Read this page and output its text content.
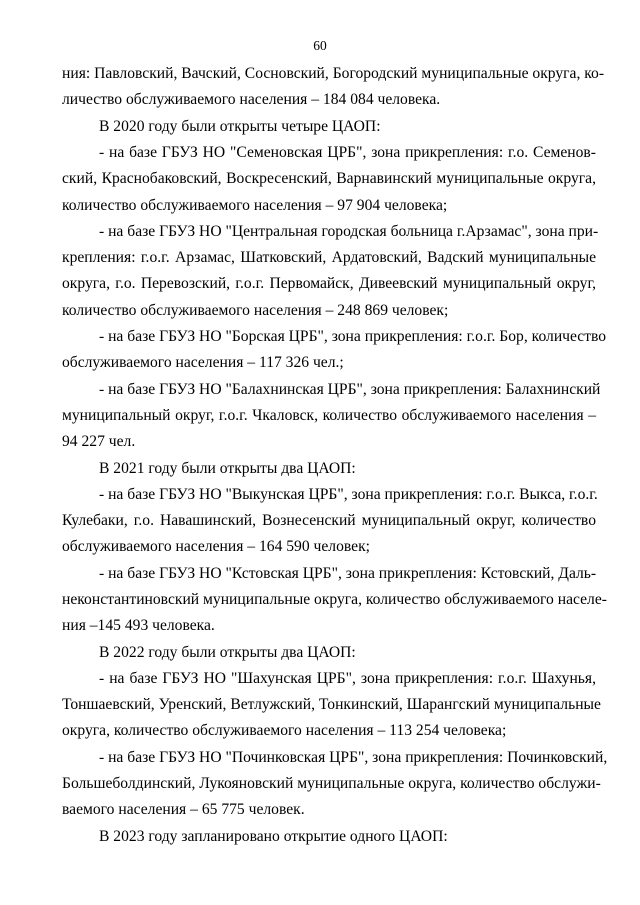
60
ния: Павловский, Вачский, Сосновский, Богородский муниципальные округа, ко-
личество обслуживаемого населения – 184 084 человека.
В 2020 году были открыты четыре ЦАОП:
- на базе ГБУЗ НО "Семеновская ЦРБ", зона прикрепления: г.о. Семенов-
ский, Краснобаковский, Воскресенский, Варнавинский муниципальные округа,
количество обслуживаемого населения – 97 904 человека;
- на базе ГБУЗ НО "Центральная городская больница г.Арзамас", зона при-
крепления: г.о.г. Арзамас, Шатковский, Ардатовский, Вадский муниципальные
округа, г.о. Перевозский, г.о.г. Первомайск, Дивеевский муниципальный округ,
количество обслуживаемого населения – 248 869 человек;
- на базе ГБУЗ НО "Борская ЦРБ", зона прикрепления: г.о.г. Бор, количество
обслуживаемого населения – 117 326 чел.;
- на базе ГБУЗ НО "Балахнинская ЦРБ", зона прикрепления: Балахнинский
муниципальный округ, г.о.г. Чкаловск, количество обслуживаемого населения –
94 227 чел.
В 2021 году были открыты два ЦАОП:
- на базе ГБУЗ НО "Выкунская ЦРБ", зона прикрепления: г.о.г. Выкса, г.о.г.
Кулебаки, г.о. Навашинский, Вознесенский муниципальный округ, количество
обслуживаемого населения – 164 590 человек;
- на базе ГБУЗ НО "Кстовская ЦРБ", зона прикрепления: Кстовский, Даль-
неконстантиновский муниципальные округа, количество обслуживаемого населе-
ния –145 493 человека.
В 2022 году были открыты два ЦАОП:
- на базе ГБУЗ НО "Шахунская ЦРБ", зона прикрепления: г.о.г. Шахунья,
Тоншаевский, Уренский, Ветлужский, Тонкинский, Шарангский муниципальные
округа, количество обслуживаемого населения – 113 254 человека;
- на базе ГБУЗ НО "Починковская ЦРБ", зона прикрепления: Починковский,
Большеболдинский, Лукояновский муниципальные округа, количество обслужи-
ваемого населения – 65 775 человек.
В 2023 году запланировано открытие одного ЦАОП:
